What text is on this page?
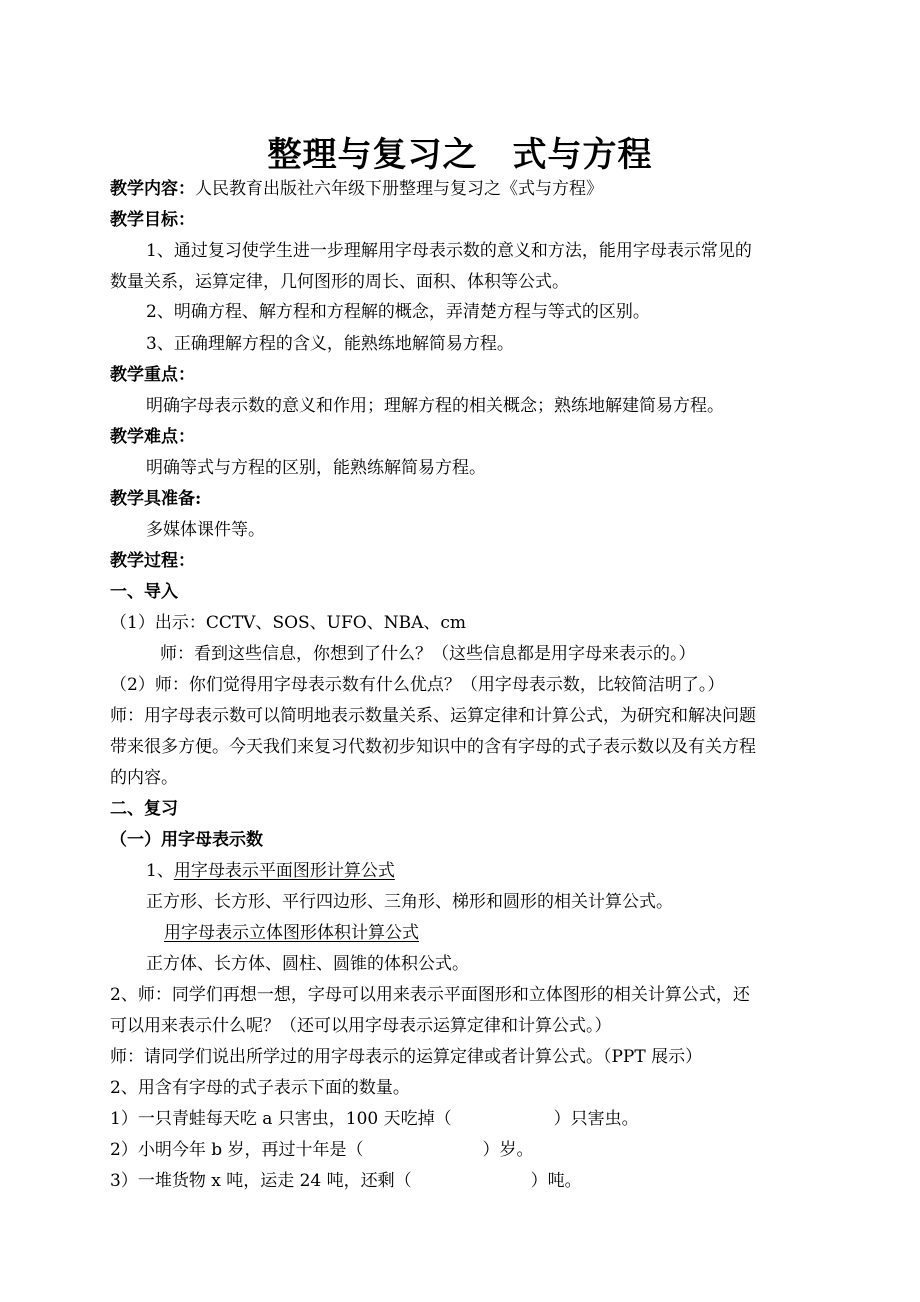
整理与复习之　式与方程
教学内容：人民教育出版社六年级下册整理与复习之《式与方程》
教学目标：
1、通过复习使学生进一步理解用字母表示数的意义和方法，能用字母表示常见的
数量关系，运算定律，几何图形的周长、面积、体积等公式。
2、明确方程、解方程和方程解的概念，弄清楚方程与等式的区别。
3、正确理解方程的含义，能熟练地解简易方程。
教学重点：
明确字母表示数的意义和作用；理解方程的相关概念；熟练地解建简易方程。
教学难点：
明确等式与方程的区别，能熟练解简易方程。
教学具准备:
多媒体课件等。
教学过程：
一、导入
（1）出示：CCTV、SOS、UFO、NBA、cm
师：看到这些信息，你想到了什么？（这些信息都是用字母来表示的。）
（2）师：你们觉得用字母表示数有什么优点？（用字母表示数，比较简洁明了。）
师：用字母表示数可以简明地表示数量关系、运算定律和计算公式，为研究和解决问题
带来很多方便。今天我们来复习代数初步知识中的含有字母的式子表示数以及有关方程
的内容。
二、复习
（一）用字母表示数
1、用字母表示平面图形计算公式
正方形、长方形、平行四边形、三角形、梯形和圆形的相关计算公式。
用字母表示立体图形体积计算公式
正方体、长方体、圆柱、圆锥的体积公式。
2、师：同学们再想一想，字母可以用来表示平面图形和立体图形的相关计算公式，还
可以用来表示什么呢？（还可以用字母表示运算定律和计算公式。）
师：请同学们说出所学过的用字母表示的运算定律或者计算公式。（PPT 展示）
2、用含有字母的式子表示下面的数量。
1）一只青蛙每天吃 a 只害虫，100 天吃掉（　　　　　　）只害虫。
2）小明今年 b 岁，再过十年是（　　　　　　　）岁。
3）一堆货物 x 吨，运走 24 吨，还剩（　　　　　　　）吨。
